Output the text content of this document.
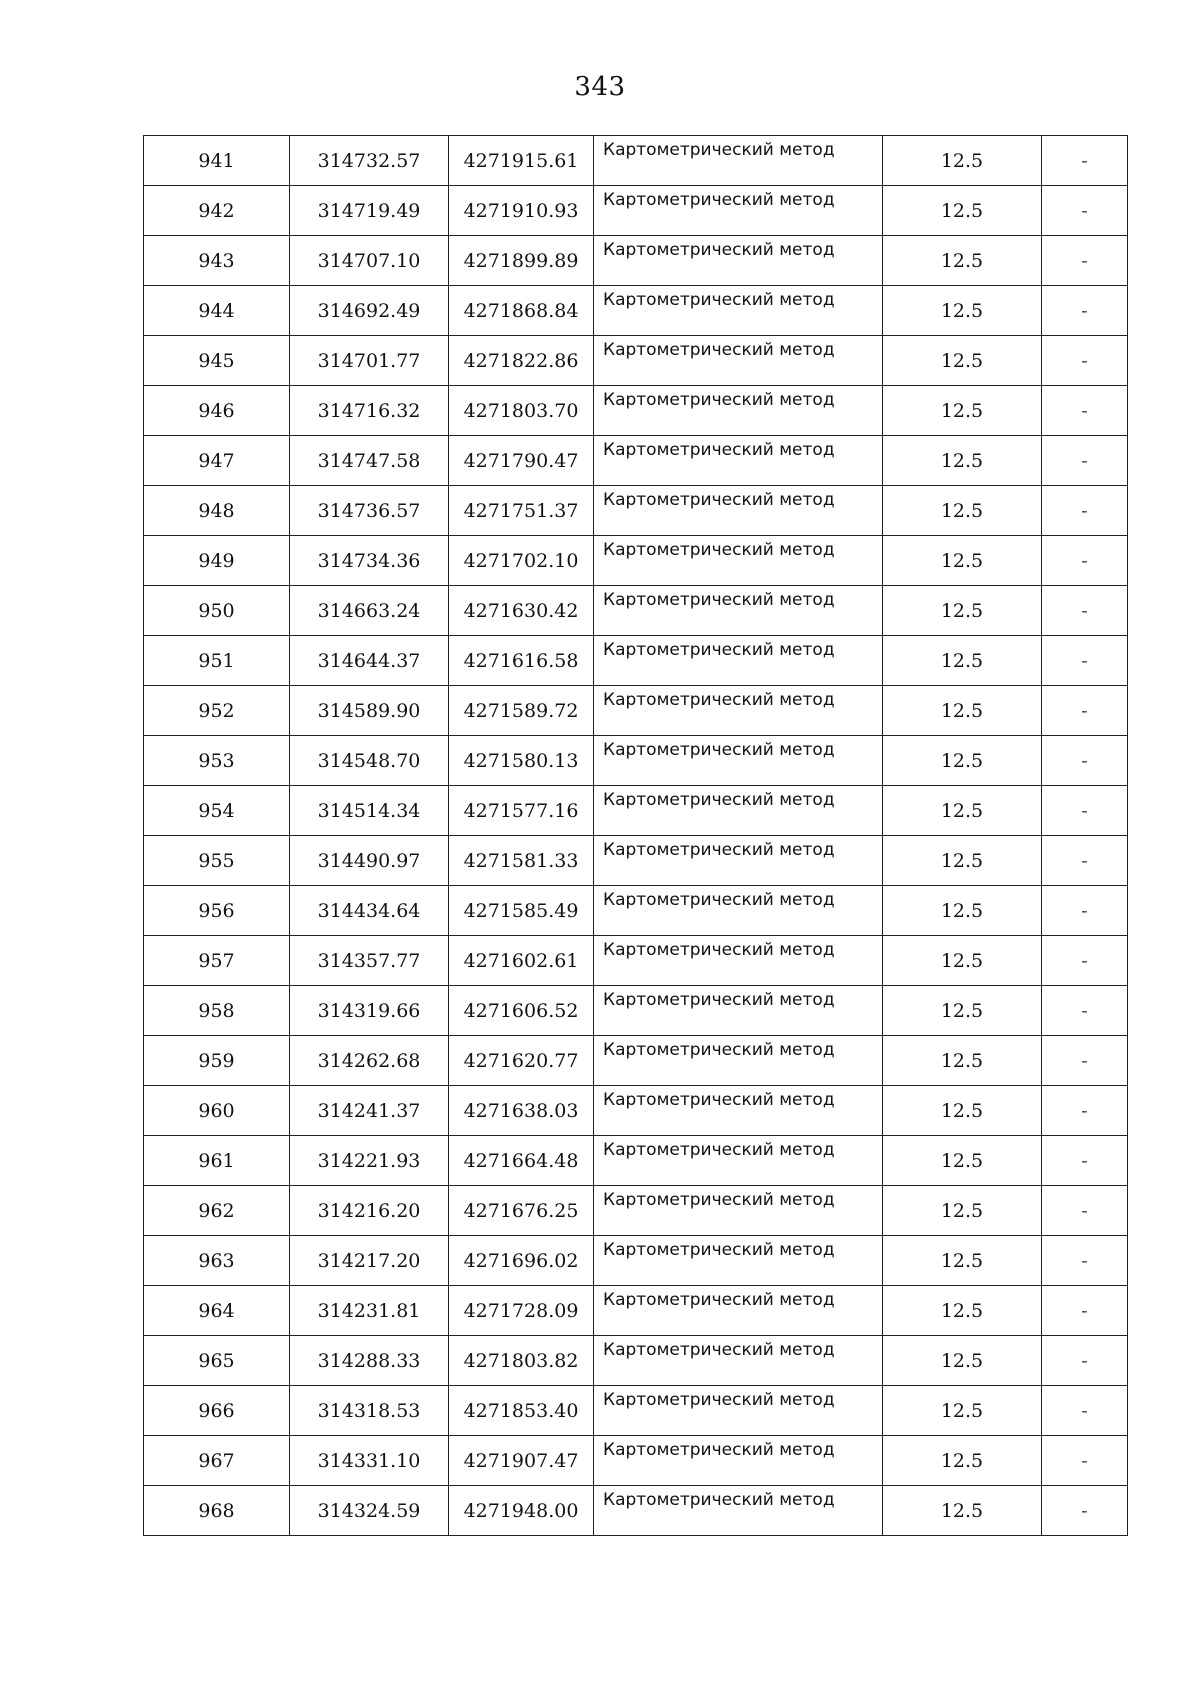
343
941	314732.57	4271915.61	Картометрический метод	12.5	-
942	314719.49	4271910.93	Картометрический метод	12.5	-
943	314707.10	4271899.89	Картометрический метод	12.5	-
944	314692.49	4271868.84	Картометрический метод	12.5	-
945	314701.77	4271822.86	Картометрический метод	12.5	-
946	314716.32	4271803.70	Картометрический метод	12.5	-
947	314747.58	4271790.47	Картометрический метод	12.5	-
948	314736.57	4271751.37	Картометрический метод	12.5	-
949	314734.36	4271702.10	Картометрический метод	12.5	-
950	314663.24	4271630.42	Картометрический метод	12.5	-
951	314644.37	4271616.58	Картометрический метод	12.5	-
952	314589.90	4271589.72	Картометрический метод	12.5	-
953	314548.70	4271580.13	Картометрический метод	12.5	-
954	314514.34	4271577.16	Картометрический метод	12.5	-
955	314490.97	4271581.33	Картометрический метод	12.5	-
956	314434.64	4271585.49	Картометрический метод	12.5	-
957	314357.77	4271602.61	Картометрический метод	12.5	-
958	314319.66	4271606.52	Картометрический метод	12.5	-
959	314262.68	4271620.77	Картометрический метод	12.5	-
960	314241.37	4271638.03	Картометрический метод	12.5	-
961	314221.93	4271664.48	Картометрический метод	12.5	-
962	314216.20	4271676.25	Картометрический метод	12.5	-
963	314217.20	4271696.02	Картометрический метод	12.5	-
964	314231.81	4271728.09	Картометрический метод	12.5	-
965	314288.33	4271803.82	Картометрический метод	12.5	-
966	314318.53	4271853.40	Картометрический метод	12.5	-
967	314331.10	4271907.47	Картометрический метод	12.5	-
968	314324.59	4271948.00	Картометрический метод	12.5	-
